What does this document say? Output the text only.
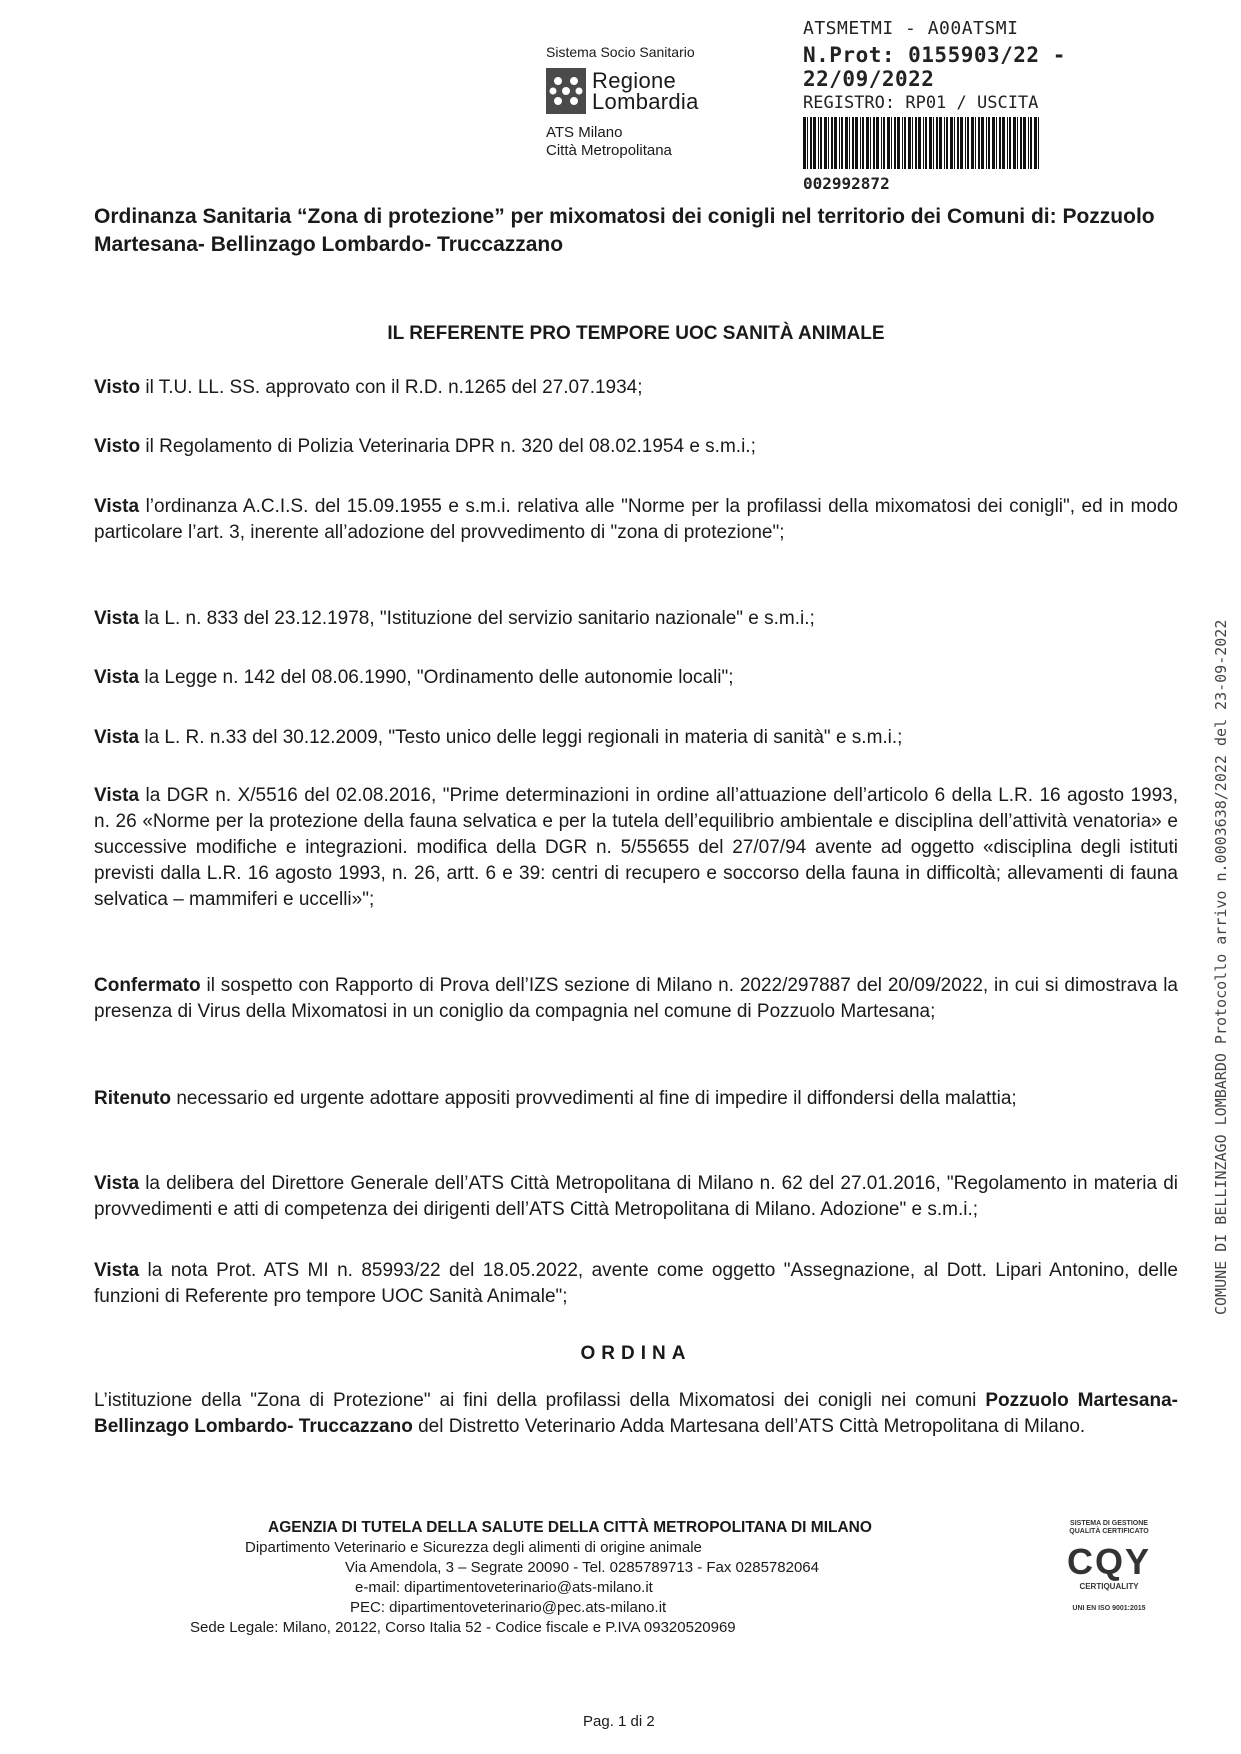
Sistema Socio Sanitario
Regione
Lombardia
ATS Milano
Città Metropolitana
ATSMETMI - A00ATSMI
N.Prot: 0155903/22 - 22/09/2022
REGISTRO: RP01 / USCITA
002992872
COMUNE DI BELLINZAGO LOMBARDO Protocollo arrivo n.0003638/2022 del 23-09-2022

Ordinanza Sanitaria “Zona di protezione” per mixomatosi dei conigli nel territorio dei Comuni di: Pozzuolo Martesana- Bellinzago Lombardo- Truccazzano

IL REFERENTE PRO TEMPORE UOC SANITÀ ANIMALE

Visto il T.U. LL. SS. approvato con il R.D. n.1265 del 27.07.1934;

Visto il Regolamento di Polizia Veterinaria DPR n. 320 del 08.02.1954 e s.m.i.;

Vista l’ordinanza A.C.I.S. del 15.09.1955 e s.m.i. relativa alle "Norme per la profilassi della mixomatosi dei conigli", ed in modo particolare l’art. 3, inerente all’adozione del provvedimento di "zona di protezione";

Vista la L. n. 833 del 23.12.1978, "Istituzione del servizio sanitario nazionale" e s.m.i.;

Vista la Legge n. 142 del 08.06.1990, "Ordinamento delle autonomie locali";

Vista la L. R. n.33 del 30.12.2009, "Testo unico delle leggi regionali in materia di sanità" e s.m.i.;

Vista la DGR n. X/5516 del 02.08.2016, "Prime determinazioni in ordine all’attuazione dell’articolo 6 della L.R. 16 agosto 1993, n. 26 «Norme per la protezione della fauna selvatica e per la tutela dell’equilibrio ambientale e disciplina dell’attività venatoria» e successive modifiche e integrazioni. modifica della DGR n. 5/55655 del 27/07/94 avente ad oggetto «disciplina degli istituti previsti dalla L.R. 16 agosto 1993, n. 26, artt. 6 e 39: centri di recupero e soccorso della fauna in difficoltà; allevamenti di fauna selvatica – mammiferi e uccelli»";

Confermato il sospetto con Rapporto di Prova dell’IZS sezione di Milano n. 2022/297887 del 20/09/2022, in cui si dimostrava la presenza di Virus della Mixomatosi in un coniglio da compagnia nel comune di Pozzuolo Martesana;

Ritenuto necessario ed urgente adottare appositi provvedimenti al fine di impedire il diffondersi della malattia;

Vista la delibera del Direttore Generale dell’ATS Città Metropolitana di Milano n. 62 del 27.01.2016, "Regolamento in materia di provvedimenti e atti di competenza dei dirigenti dell’ATS Città Metropolitana di Milano. Adozione" e s.m.i.;

Vista la nota Prot. ATS MI n. 85993/22 del 18.05.2022, avente come oggetto "Assegnazione, al Dott. Lipari Antonino, delle funzioni di Referente pro tempore UOC Sanità Animale";

ORDINA

L’istituzione della "Zona di Protezione" ai fini della profilassi della Mixomatosi dei conigli nei comuni Pozzuolo Martesana- Bellinzago Lombardo- Truccazzano del Distretto Veterinario Adda Martesana dell’ATS Città Metropolitana di Milano.

AGENZIA DI TUTELA DELLA SALUTE DELLA CITTÀ METROPOLITANA DI MILANO
Dipartimento Veterinario e Sicurezza degli alimenti di origine animale
Via Amendola, 3 – Segrate 20090 - Tel. 0285789713 - Fax 0285782064
e-mail: dipartimentoveterinario@ats-milano.it
PEC: dipartimentoveterinario@pec.ats-milano.it
Sede Legale: Milano, 20122, Corso Italia 52 - Codice fiscale e P.IVA 09320520969
SISTEMA DI GESTIONE
QUALITÀ CERTIFICATO
CQY
CERTIQUALITY
UNI EN ISO 9001:2015
Pag. 1 di 2
